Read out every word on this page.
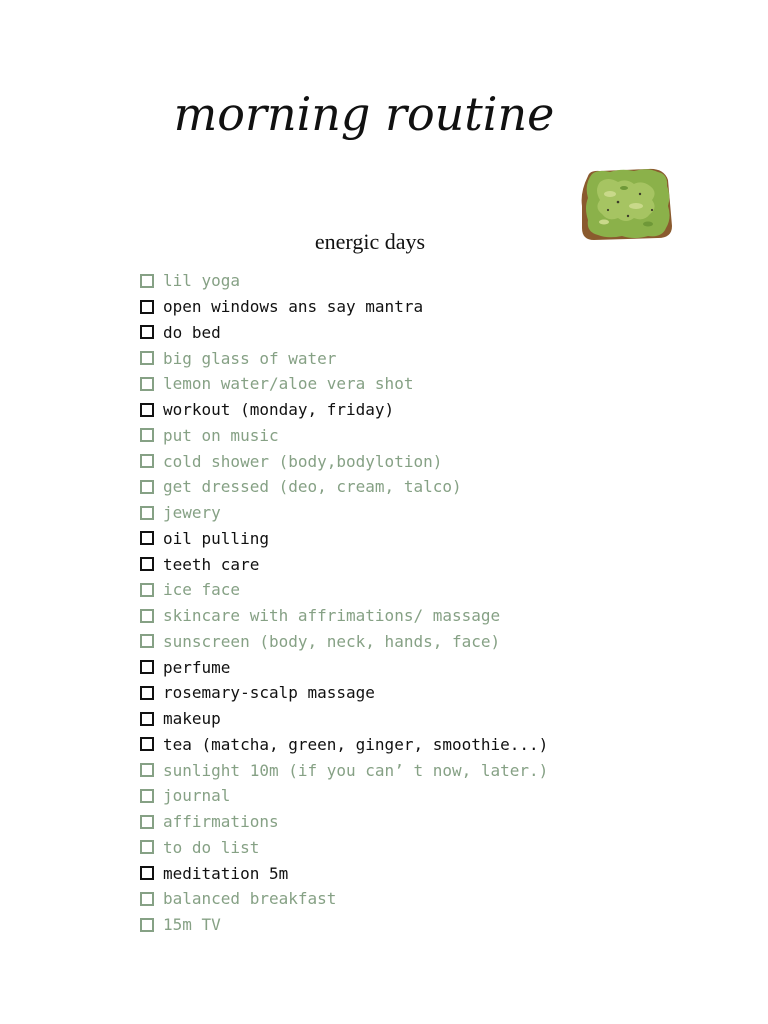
morning routine
energic days
lil yoga
open windows ans say mantra
do bed
big glass of water
lemon water/aloe vera shot
workout (monday, friday)
put on music
cold shower (body,bodylotion)
get dressed (deo, cream, talco)
jewery
oil pulling
teeth care
ice face
skincare with affrimations/ massage
sunscreen (body, neck, hands, face)
perfume
rosemary-scalp massage
makeup
tea (matcha, green, ginger, smoothie...)
sunlight 10m (if you can’ t now, later.)
journal
affirmations
to do list
meditation 5m
balanced breakfast
15m TV
